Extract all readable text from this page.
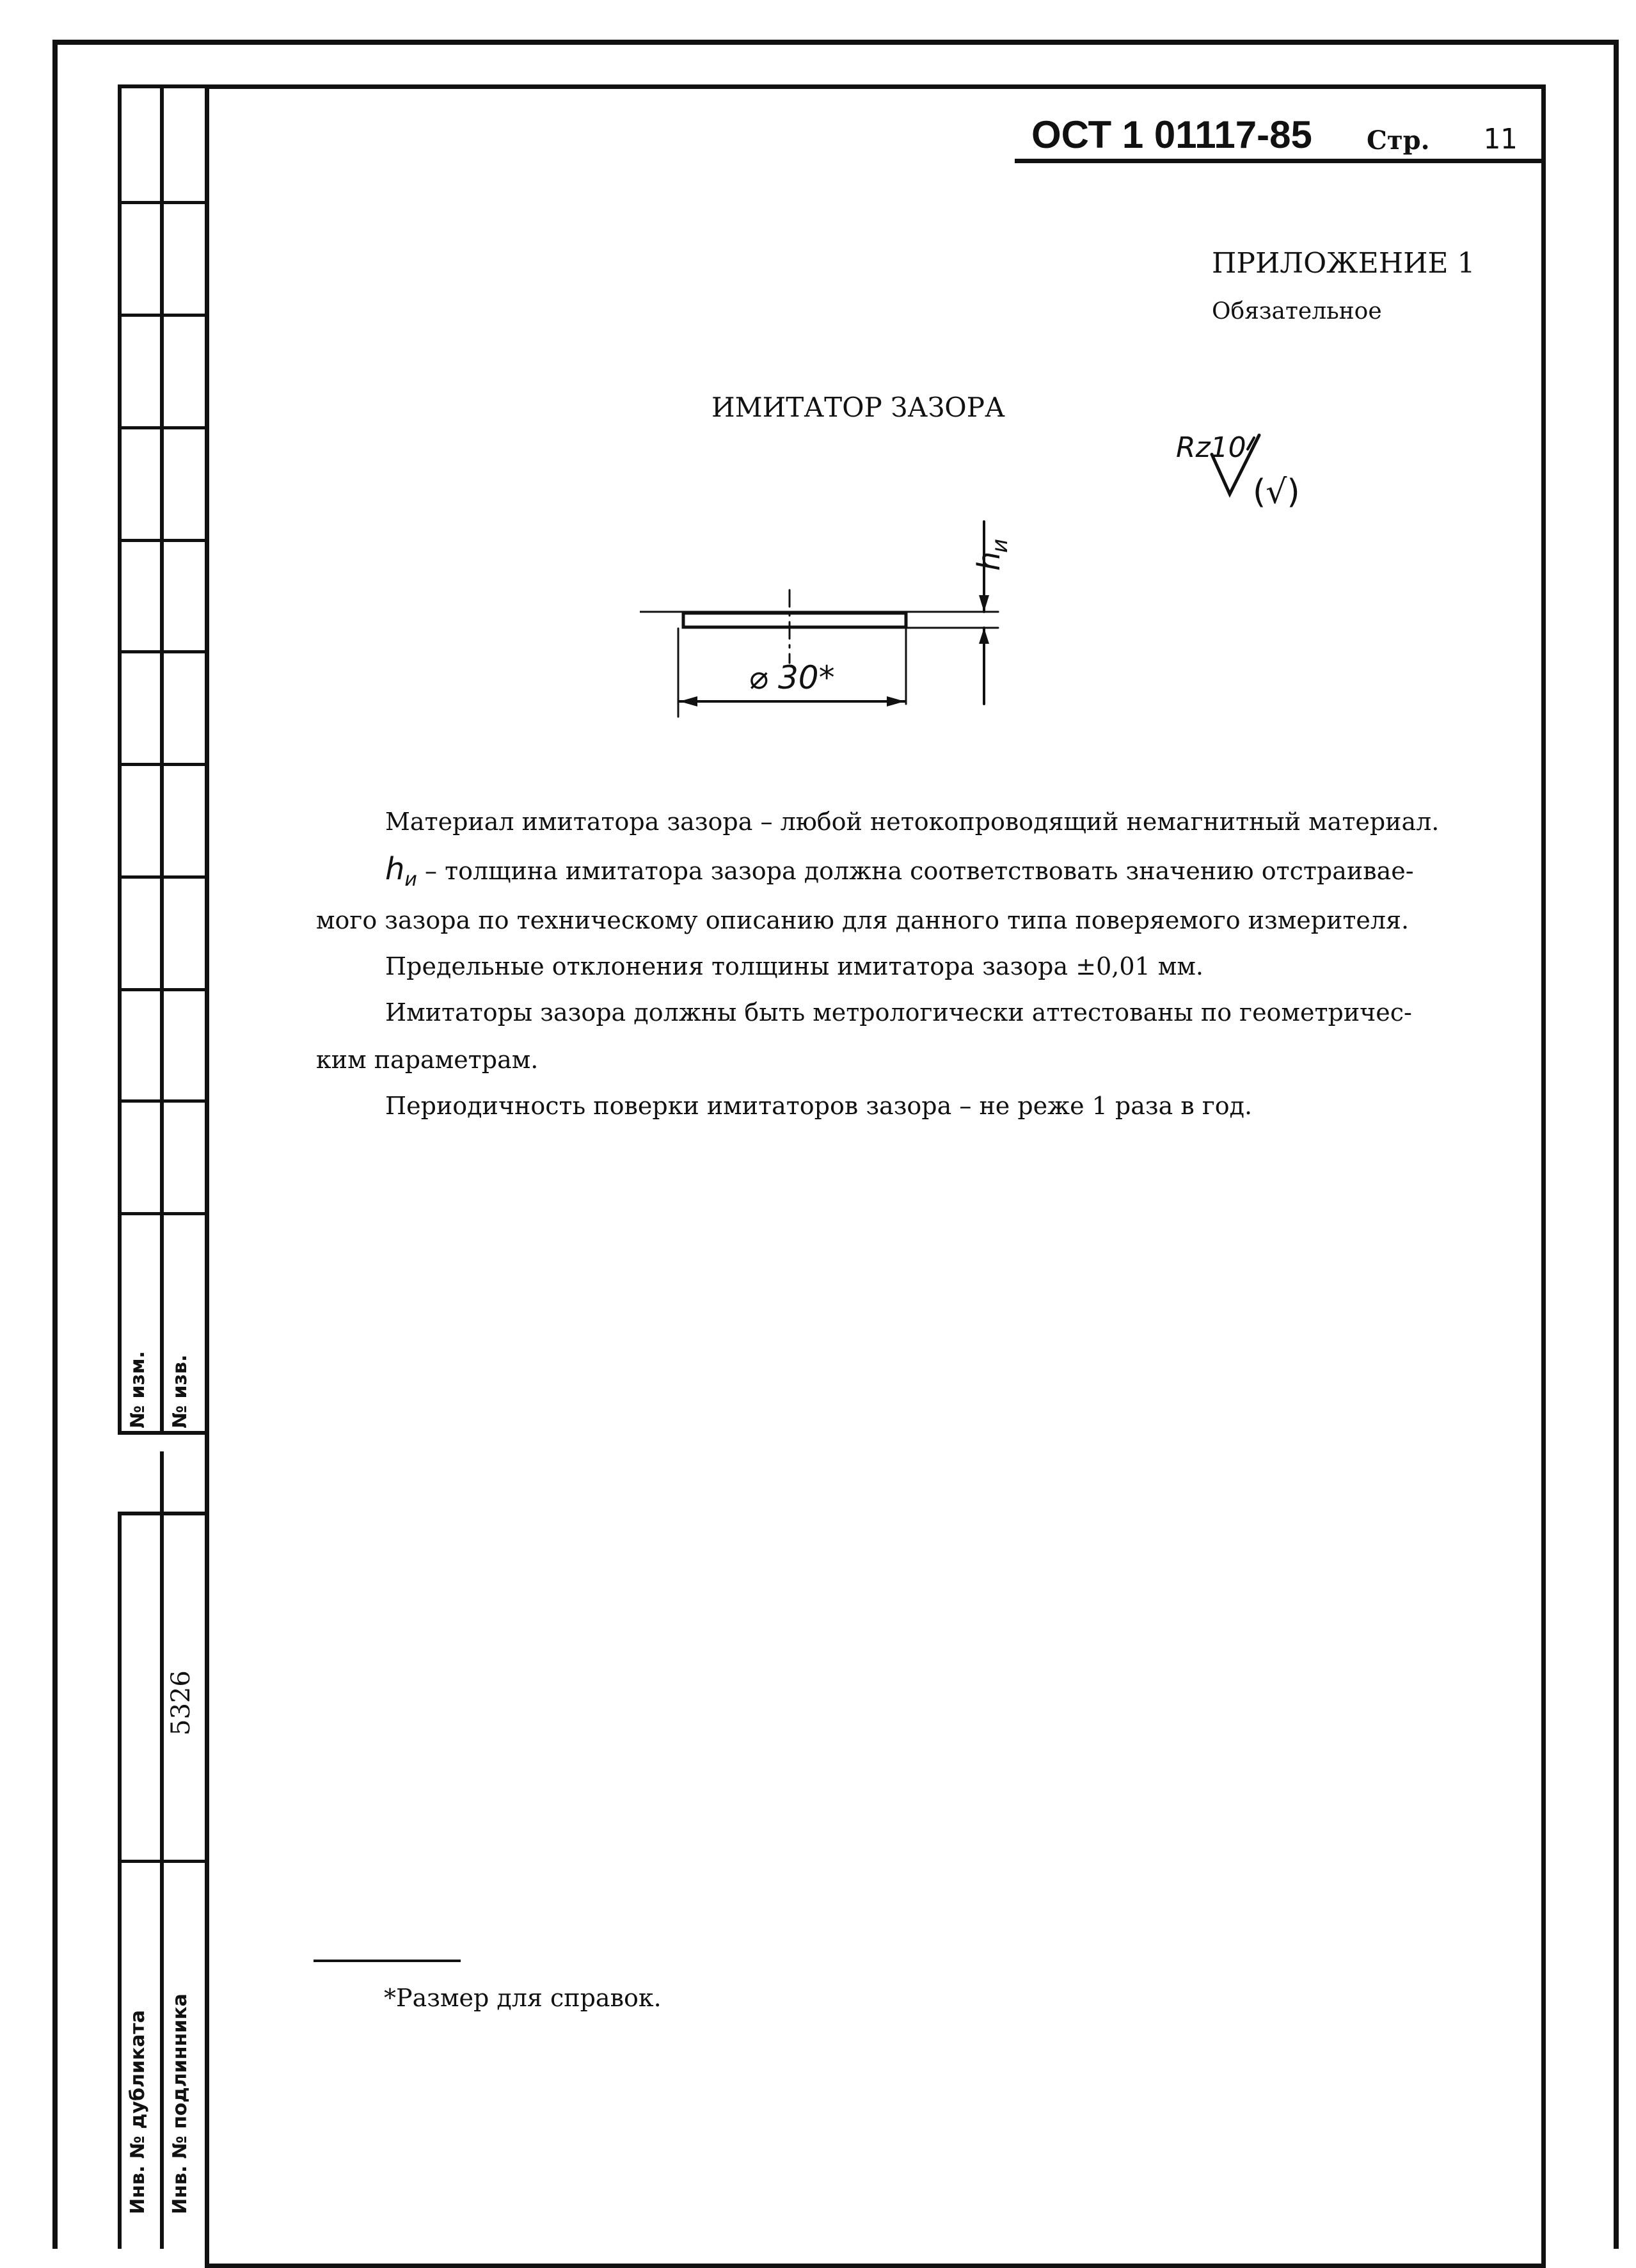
№ изм. № изв.
Инв. № дубликата Инв. № подлинника
5326
ОСТ 1 01117-85 Стр. 11
ПРИЛОЖЕНИЕ 1
Обязательное
ИМИТАТОР ЗАЗОРА
Rz10
(√)
h
и
⌀ 30*
Материал имитатора зазора – любой нетокопроводящий немагнитный материал.
$h_и$ – толщина имитатора зазора должна соответствовать значению отстраивае-
мого зазора по техническому описанию для данного типа поверяемого измерителя.
Предельные отклонения толщины имитатора зазора ±0,01 мм.
Имитаторы зазора должны быть метрологически аттестованы по геометричес-
ким параметрам.
Периодичность поверки имитаторов зазора – не реже 1 раза в год.
*Размер для справок.
